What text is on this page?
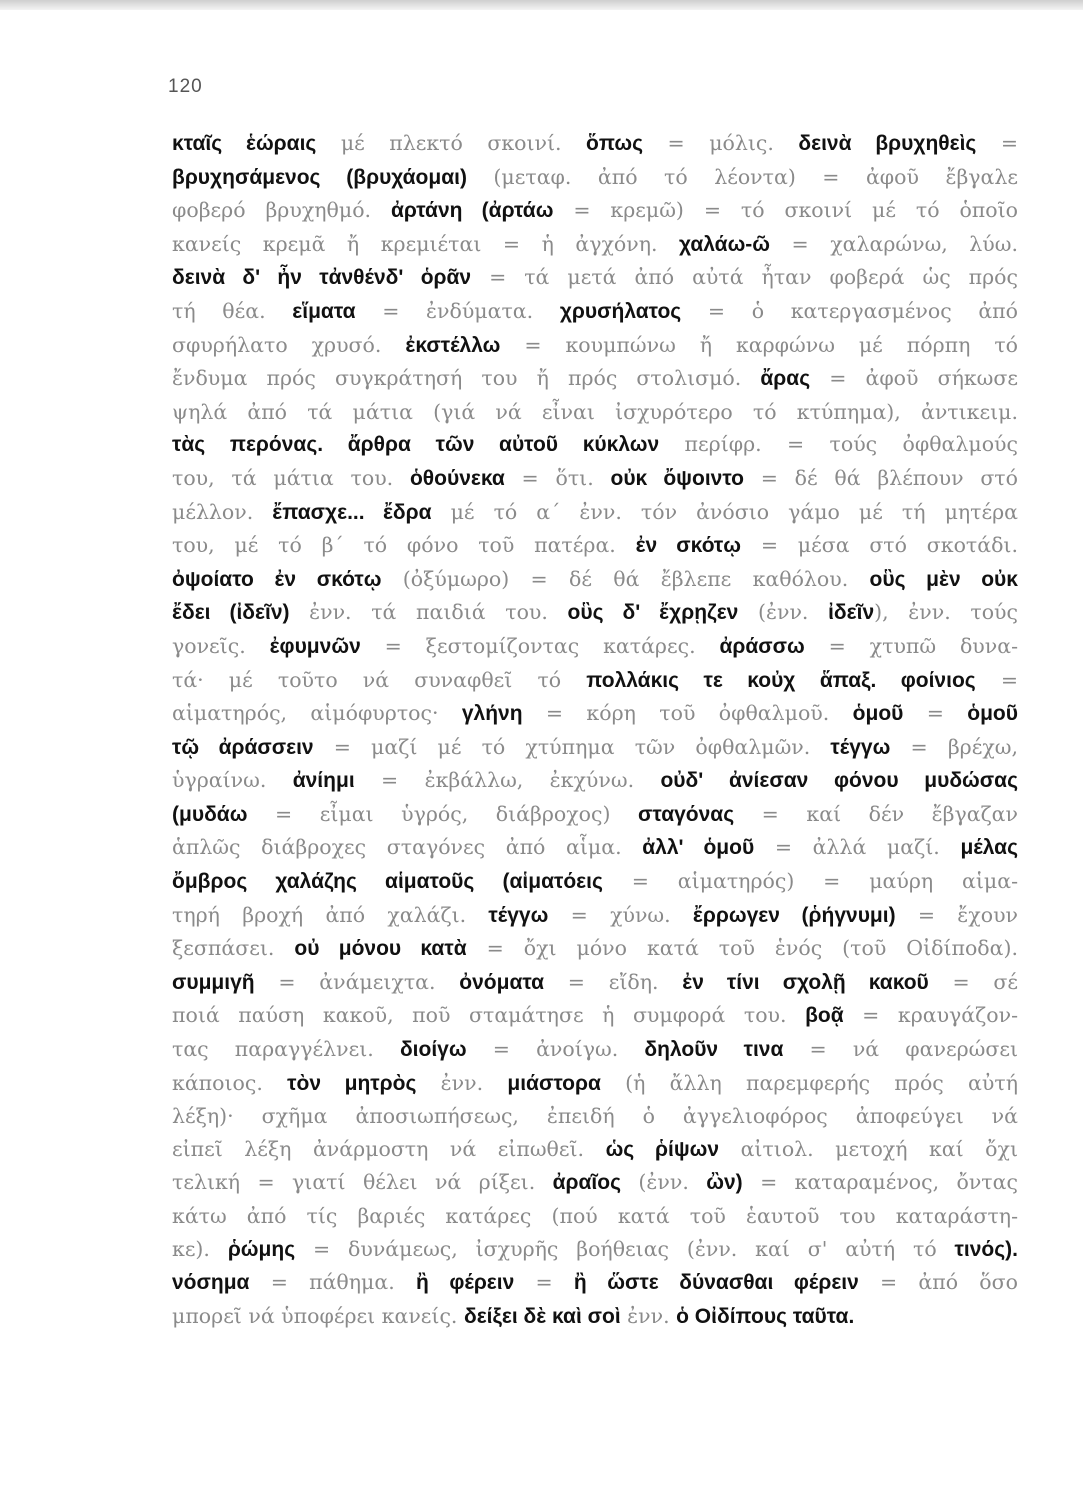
120
κταῖς ἑώραις μέ πλεκτό σκοινί. ὅπως = μόλις. δεινὰ βρυχηθεὶς =
βρυχησάμενος (βρυχάομαι) (μεταφ. ἀπό τό λέοντα) = ἀφοῦ ἔβγαλε
φοβερό βρυχηθμό. ἀρτάνη (ἀρτάω = κρεμῶ) = τό σκοινί μέ τό ὁποῖο
κανείς κρεμᾶ ἤ κρεμιέται = ἡ ἀγχόνη. χαλάω-ῶ = χαλαρώνω, λύω.
δεινὰ δ' ἦν τἀνθένδ' ὁρᾶν = τά μετά ἀπό αὐτά ἦταν φοβερά ὡς πρός
τή θέα. εἵματα = ἐνδύματα. χρυσήλατος = ὁ κατεργασμένος ἀπό
σφυρήλατο χρυσό. ἐκστέλλω = κουμπώνω ἤ καρφώνω μέ πόρπη τό
ἔνδυμα πρός συγκράτησή του ἤ πρός στολισμό. ἄρας = ἀφοῦ σήκωσε
ψηλά ἀπό τά μάτια (γιά νά εἶναι ἰσχυρότερο τό κτύπημα), ἀντικειμ.
τὰς περόνας. ἄρθρα τῶν αὐτοῦ κύκλων περίφρ. = τούς ὀφθαλμούς
του, τά μάτια του. ὁθούνεκα = ὅτι. οὐκ ὄψοιντο = δέ θά βλέπουν στό
μέλλον. ἔπασχε... ἔδρα μέ τό α΄ ἐνν. τόν ἀνόσιο γάμο μέ τή μητέρα
του, μέ τό β΄ τό φόνο τοῦ πατέρα. ἐν σκότῳ = μέσα στό σκοτάδι.
ὀψοίατο ἐν σκότῳ (ὀξύμωρο) = δέ θά ἔβλεπε καθόλου. οὓς μὲν οὐκ
ἔδει (ἰδεῖν) ἐνν. τά παιδιά του. οὓς δ' ἔχρῃζεν (ἐνν. ἰδεῖν), ἐνν. τούς
γονεῖς. ἐφυμνῶν = ξεστομίζοντας κατάρες. ἀράσσω = χτυπῶ δυνα-
τά· μέ τοῦτο νά συναφθεῖ τό πολλάκις τε κοὐχ ἅπαξ. φοίνιος =
αἱματηρός, αἱμόφυρτος· γλήνη = κόρη τοῦ ὀφθαλμοῦ. ὁμοῦ = ὁμοῦ
τῷ ἀράσσειν = μαζί μέ τό χτύπημα τῶν ὀφθαλμῶν. τέγγω = βρέχω,
ὑγραίνω. ἀνίημι = ἐκβάλλω, ἐκχύνω. οὐδ' ἀνίεσαν φόνου μυδώσας
(μυδάω = εἶμαι ὑγρός, διάβροχος) σταγόνας = καί δέν ἔβγαζαν
ἁπλῶς διάβροχες σταγόνες ἀπό αἷμα. ἀλλ' ὁμοῦ = ἀλλά μαζί. μέλας
ὄμβρος χαλάζης αἱματοῦς (αἱματόεις = αἱματηρός) = μαύρη αἱμα-
τηρή βροχή ἀπό χαλάζι. τέγγω = χύνω. ἔρρωγεν (ῥήγνυμι) = ἔχουν
ξεσπάσει. οὐ μόνου κατὰ = ὄχι μόνο κατά τοῦ ἑνός (τοῦ Οἰδίποδα).
συμμιγῆ = ἀνάμειχτα. ὀνόματα = εἴδη. ἐν τίνι σχολῇ κακοῦ = σέ
ποιά παύση κακοῦ, ποῦ σταμάτησε ἡ συμφορά του. βοᾷ = κραυγάζον-
τας παραγγέλνει. διοίγω = ἀνοίγω. δηλοῦν τινα = νά φανερώσει
κάποιος. τὸν μητρὸς ἐνν. μιάστορα (ἡ ἄλλη παρεμφερής πρός αὐτή
λέξη)· σχῆμα ἀποσιωπήσεως, ἐπειδή ὁ ἀγγελιοφόρος ἀποφεύγει νά
εἰπεῖ λέξη ἀνάρμοστη νά εἰπωθεῖ. ὡς ῥίψων αἰτιολ. μετοχή καί ὄχι
τελική = γιατί θέλει νά ρίξει. ἀραῖος (ἐνν. ὢν) = καταραμένος, ὄντας
κάτω ἀπό τίς βαριές κατάρες (πού κατά τοῦ ἑαυτοῦ του καταράστη-
κε). ῥώμης = δυνάμεως, ἰσχυρῆς βοήθειας (ἐνν. καί σ' αὐτή τό τινός).
νόσημα = πάθημα. ἢ φέρειν = ἢ ὥστε δύνασθαι φέρειν = ἀπό ὅσο
μπορεῖ νά ὑποφέρει κανείς. δείξει δὲ καὶ σοὶ ἐνν. ὁ Οἰδίπους ταῦτα.
